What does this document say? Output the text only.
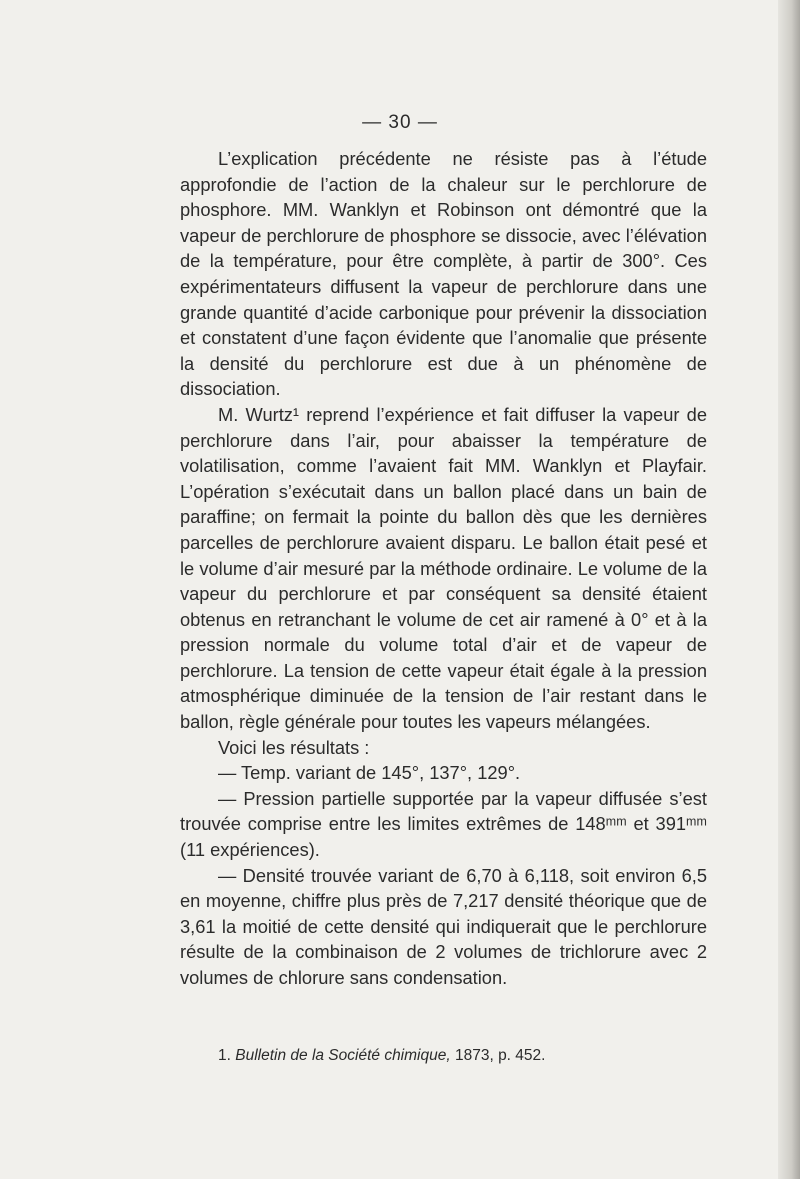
— 30 —

L’explication précédente ne résiste pas à l’étude approfondie de l’action de la chaleur sur le perchlorure de phosphore. MM. Wanklyn et Robinson ont démontré que la vapeur de perchlorure de phosphore se dissocie, avec l’élévation de la température, pour être complète, à partir de 300°. Ces expérimentateurs diffusent la vapeur de perchlorure dans une grande quantité d’acide carbonique pour prévenir la dissociation et constatent d’une façon évidente que l’anomalie que présente la densité du perchlorure est due à un phénomène de dissociation.

M. Wurtz¹ reprend l’expérience et fait diffuser la vapeur de perchlorure dans l’air, pour abaisser la température de volatilisation, comme l’avaient fait MM. Wanklyn et Playfair. L’opération s’exécutait dans un ballon placé dans un bain de paraffine; on fermait la pointe du ballon dès que les dernières parcelles de perchlorure avaient disparu. Le ballon était pesé et le volume d’air mesuré par la méthode ordinaire. Le volume de la vapeur du perchlorure et par conséquent sa densité étaient obtenus en retranchant le volume de cet air ramené à 0° et à la pression normale du volume total d’air et de vapeur de perchlorure. La tension de cette vapeur était égale à la pression atmosphérique diminuée de la tension de l’air restant dans le ballon, règle générale pour toutes les vapeurs mélangées.

Voici les résultats :

— Temp. variant de 145°, 137°, 129°.

— Pression partielle supportée par la vapeur diffusée s’est trouvée comprise entre les limites extrêmes de 148ᵐᵐ et 391ᵐᵐ (11 expériences).

— Densité trouvée variant de 6,70 à 6,118, soit environ 6,5 en moyenne, chiffre plus près de 7,217 densité théorique que de 3,61 la moitié de cette densité qui indiquerait que le perchlorure résulte de la combinaison de 2 volumes de trichlorure avec 2 volumes de chlorure sans condensation.

1. Bulletin de la Société chimique, 1873, p. 452.
